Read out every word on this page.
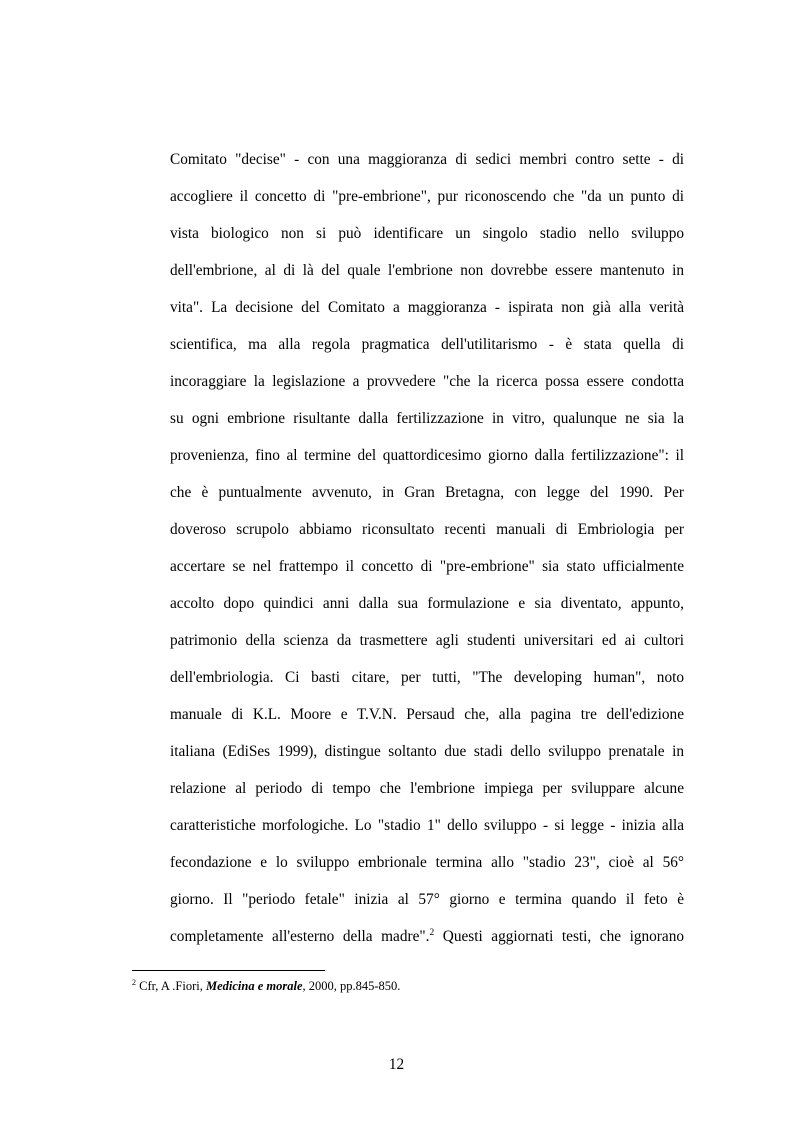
Comitato "decise" - con una maggioranza di sedici membri contro sette - di
accogliere il concetto di "pre-embrione", pur riconoscendo che "da un punto di
vista biologico non si può identificare un singolo stadio nello sviluppo
dell'embrione, al di là del quale l'embrione non dovrebbe essere mantenuto in
vita". La decisione del Comitato a maggioranza - ispirata non già alla verità
scientifica, ma alla regola pragmatica dell'utilitarismo - è stata quella di
incoraggiare la legislazione a provvedere "che la ricerca possa essere condotta
su ogni embrione risultante dalla fertilizzazione in vitro, qualunque ne sia la
provenienza, fino al termine del quattordicesimo giorno dalla fertilizzazione": il
che è puntualmente avvenuto, in Gran Bretagna, con legge del 1990. Per
doveroso scrupolo abbiamo riconsultato recenti manuali di Embriologia per
accertare se nel frattempo il concetto di "pre-embrione" sia stato ufficialmente
accolto dopo quindici anni dalla sua formulazione e sia diventato, appunto,
patrimonio della scienza da trasmettere agli studenti universitari ed ai cultori
dell'embriologia. Ci basti citare, per tutti, "The developing human", noto
manuale di K.L. Moore e T.V.N. Persaud che, alla pagina tre dell'edizione
italiana (EdiSes 1999), distingue soltanto due stadi dello sviluppo prenatale in
relazione al periodo di tempo che l'embrione impiega per sviluppare alcune
caratteristiche morfologiche. Lo "stadio 1" dello sviluppo - si legge - inizia alla
fecondazione e lo sviluppo embrionale termina allo "stadio 23", cioè al 56°
giorno. Il "periodo fetale" inizia al 57° giorno e termina quando il feto è
completamente all'esterno della madre".$^2$ Questi aggiornati testi, che ignorano
$^2$ Cfr, A .Fiori, Medicina e morale, 2000, pp.845-850.
12
